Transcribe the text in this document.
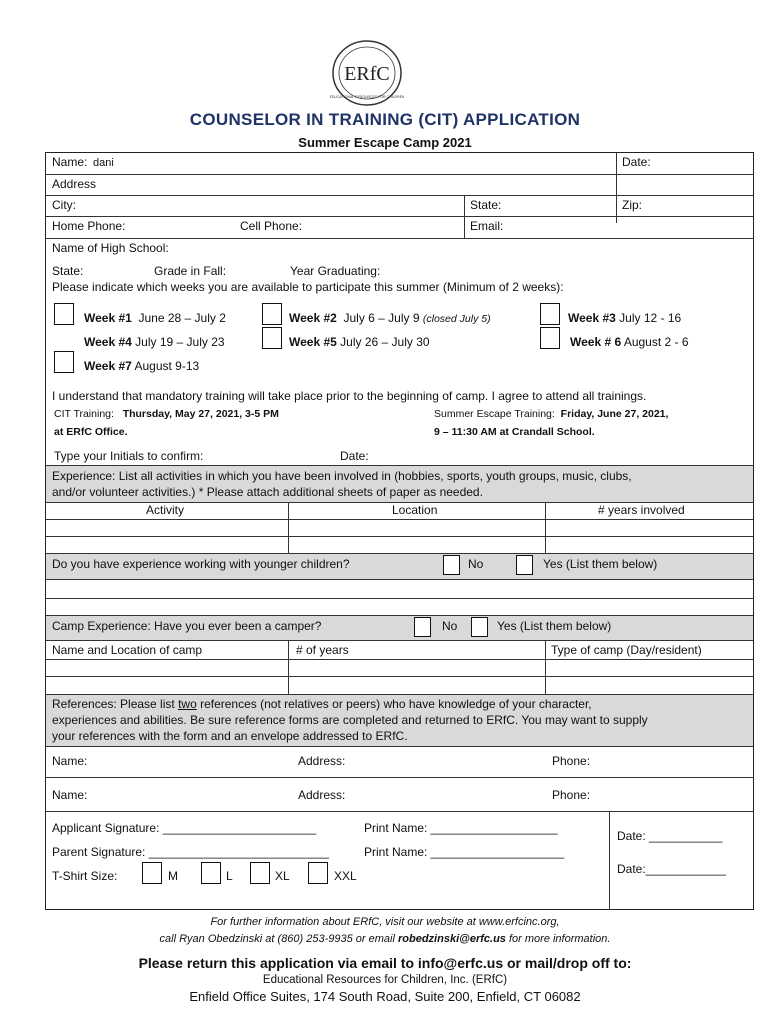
ERfC
EDUCATIONAL RESOURCES FOR CHILDREN
COUNSELOR IN TRAINING (CIT) APPLICATION
Summer Escape Camp 2021
Name: dani	Date:
Address
City:	State:	Zip:
Home Phone:	Cell Phone:	Email:
Name of High School:
State:	Grade in Fall:	Year Graduating:
Please indicate which weeks you are available to participate this summer (Minimum of 2 weeks):
Week #1 June 28 – July 2	Week #2 July 6 – July 9 (closed July 5)	Week #3 July 12 - 16
Week #4 July 19 – July 23	Week #5 July 26 – July 30	Week # 6 August 2 - 6
Week #7 August 9-13
I understand that mandatory training will take place prior to the beginning of camp. I agree to attend all trainings.
CIT Training: Thursday, May 27, 2021, 3-5 PM
at ERfC Office.
Summer Escape Training: Friday, June 27, 2021,
9 – 11:30 AM at Crandall School.
Type your Initials to confirm:	Date:
Experience: List all activities in which you have been involved in (hobbies, sports, youth groups, music, clubs,
and/or volunteer activities.) * Please attach additional sheets of paper as needed.
Activity	Location	# years involved
Do you have experience working with younger children?	No	Yes (List them below)
Camp Experience: Have you ever been a camper?	No	Yes (List them below)
Name and Location of camp	# of years	Type of camp (Day/resident)
References: Please list two references (not relatives or peers) who have knowledge of your character,
experiences and abilities. Be sure reference forms are completed and returned to ERfC. You may want to supply
your references with the form and an envelope addressed to ERfC.
Name:	Address:	Phone:
Name:	Address:	Phone:
Applicant Signature: _______________________	Print Name: ___________________
Parent Signature: ___________________________	Print Name: ____________________
Date: ___________
Date:____________
T-Shirt Size:	M	L	XL	XXL
For further information about ERfC, visit our website at www.erfcinc.org,
call Ryan Obedzinski at (860) 253-9935 or email robedzinski@erfc.us for more information.
Please return this application via email to info@erfc.us or mail/drop off to:
Educational Resources for Children, Inc. (ERfC)
Enfield Office Suites, 174 South Road, Suite 200, Enfield, CT 06082
